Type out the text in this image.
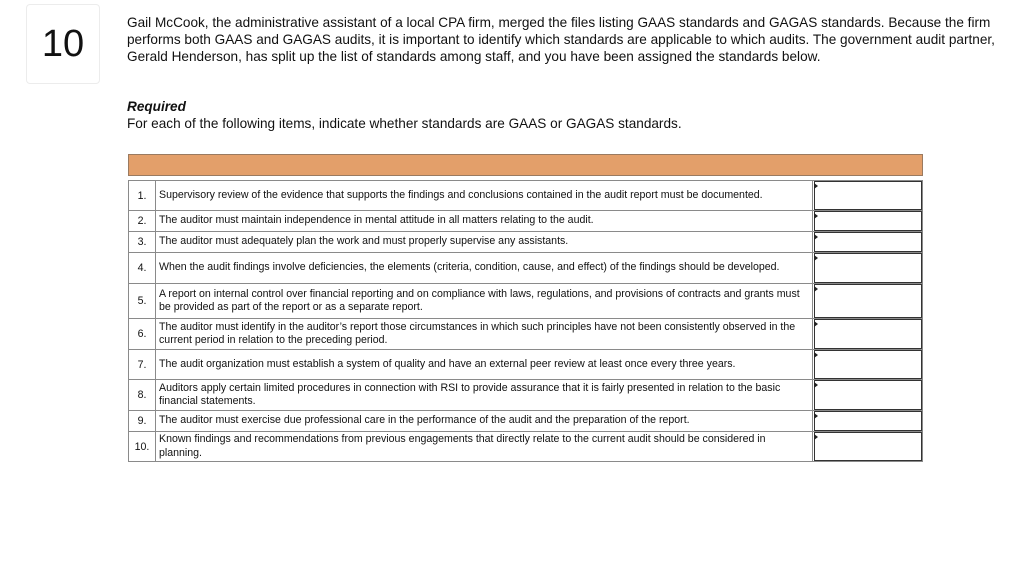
10	Gail McCook, the administrative assistant of a local CPA firm, merged the files listing GAAS standards and GAGAS standards. Because the firm performs both GAAS and GAGAS audits, it is important to identify which standards are applicable to which audits. The government audit partner, Gerald Henderson, has split up the list of standards among staff, and you have been assigned the standards below.

Required

For each of the following items, indicate whether standards are GAAS or GAGAS standards.

1.	Supervisory review of the evidence that supports the findings and conclusions contained in the audit report must be documented.	

2.	The auditor must maintain independence in mental attitude in all matters relating to the audit.	

3.	The auditor must adequately plan the work and must properly supervise any assistants.	

4.	When the audit findings involve deficiencies, the elements (criteria, condition, cause, and effect) of the findings should be developed.	

5.	A report on internal control over financial reporting and on compliance with laws, regulations, and provisions of contracts and grants must be provided as part of the report or as a separate report.	

6.	The auditor must identify in the auditor’s report those circumstances in which such principles have not been consistently observed in the current period in relation to the preceding period.	

7.	The audit organization must establish a system of quality and have an external peer review at least once every three years.	

8.	Auditors apply certain limited procedures in connection with RSI to provide assurance that it is fairly presented in relation to the basic financial statements.	

9.	The auditor must exercise due professional care in the performance of the audit and the preparation of the report.	

10.	Known findings and recommendations from previous engagements that directly relate to the current audit should be considered in planning.	
